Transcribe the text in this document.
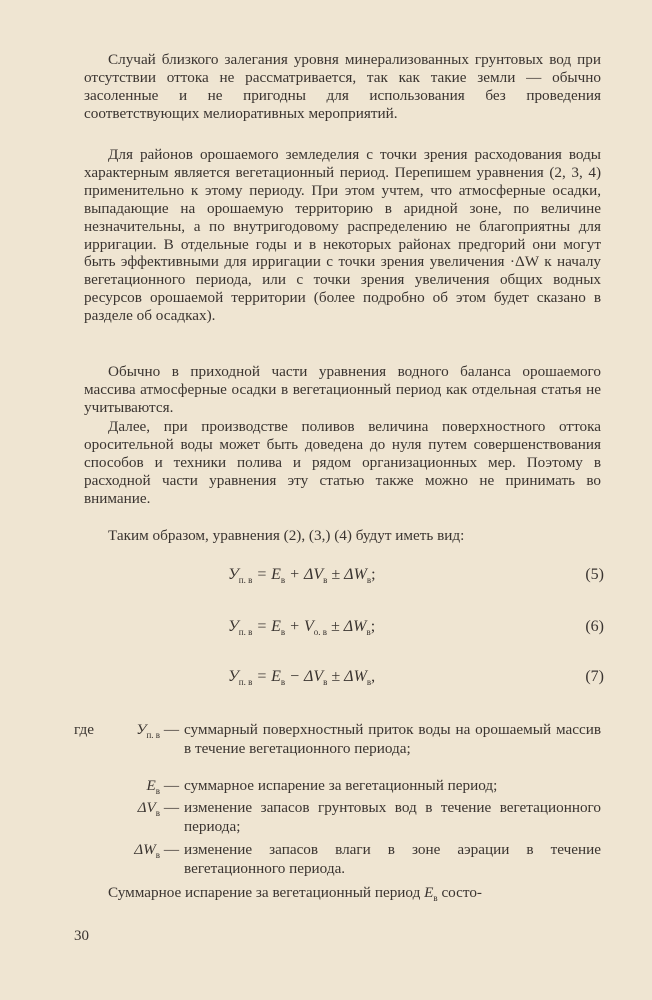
Случай близкого залегания уровня минерализованных грунтовых вод при отсутствии оттока не рассматривается, так как такие земли — обычно засоленные и не пригодны для использования без проведения соответствующих мелиоративных мероприятий.

Для районов орошаемого земледелия с точки зрения расходования воды характерным является вегетационный период. Перепишем уравнения (2, 3, 4) применительно к этому периоду. При этом учтем, что атмосферные осадки, выпадающие на орошаемую территорию в аридной зоне, по величине незначительны, а по внутригодовому распределению не благоприятны для ирригации. В отдельные годы и в некоторых районах предгорий они могут быть эффективными для ирригации с точки зрения увеличения ·ΔW к началу вегетационного периода, или с точки зрения увеличения общих водных ресурсов орошаемой территории (более подробно об этом будет сказано в разделе об осадках).

Обычно в приходной части уравнения водного баланса орошаемого массива атмосферные осадки в вегетационный период как отдельная статья не учитываются.

Далее, при производстве поливов величина поверхностного оттока оросительной воды может быть доведена до нуля путем совершенствования способов и техники полива и рядом организационных мер. Поэтому в расходной части уравнения эту статью также можно не принимать во внимание.

Таким образом, уравнения (2), (3,) (4) будут иметь вид:

$У_{п. в} = E_в + \Delta V_в \pm \Delta W_в$;	(5)
$У_{п. в} = E_в + V_{о. в} \pm \Delta W_в$;	(6)
$У_{п. в} = E_в - \Delta V_в \pm \Delta W_в$,	(7)
где	$У_{п. в}$ — суммарный поверхностный приток воды на орошаемый массив в течение вегетационного периода;
$E_в$ — суммарное испарение за вегетационный период;
$\Delta V_в$ — изменение запасов грунтовых вод в течение вегетационного периода;
$\Delta W_в$ — изменение запасов влаги в зоне аэрации в течение вегетационного периода.
Суммарное испарение за вегетационный период $E_в$ состо-
30
